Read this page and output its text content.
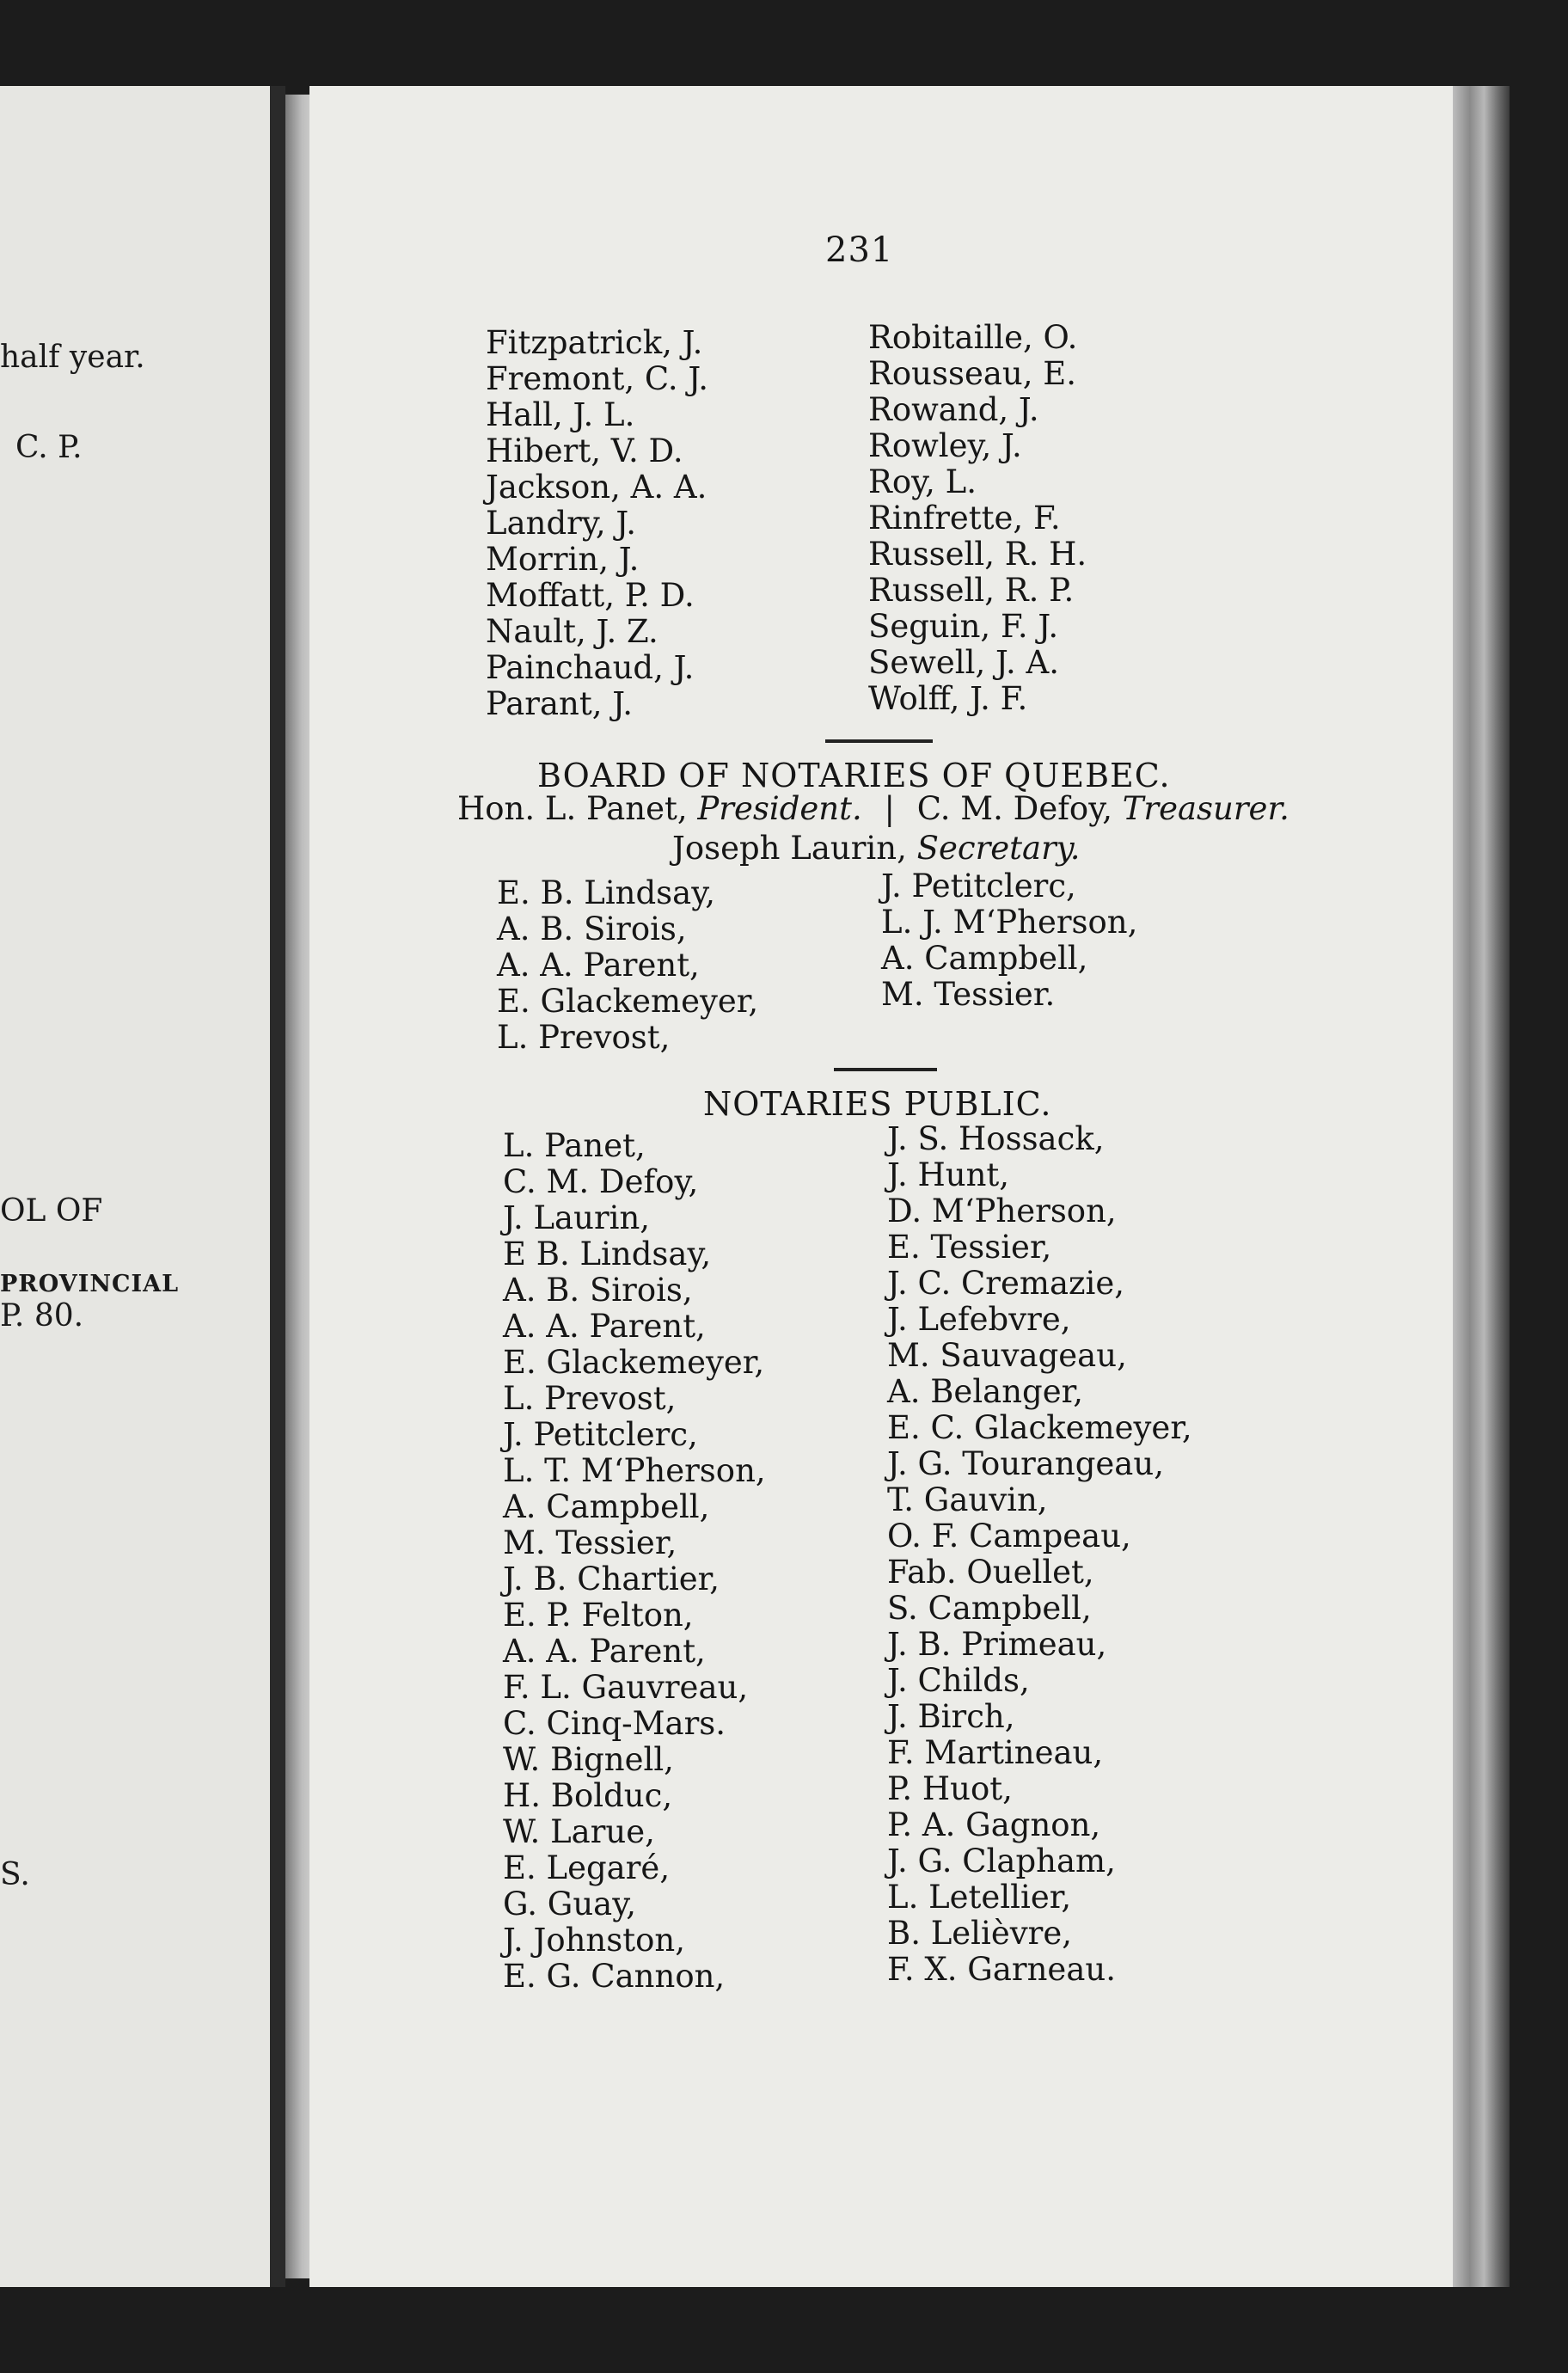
half year.
C. P.
OL OF
PROVINCIAL
P. 80.
S.
231
Fitzpatrick, J.
Fremont, C. J.
Hall, J. L.
Hibert, V. D.
Jackson, A. A.
Landry, J.
Morrin, J.
Moffatt, P. D.
Nault, J. Z.
Painchaud, J.
Parant, J.
Robitaille, O.
Rousseau, E.
Rowand, J.
Rowley, J.
Roy, L.
Rinfrette, F.
Russell, R. H.
Russell, R. P.
Seguin, F. J.
Sewell, J. A.
Wolff, J. F.
BOARD OF NOTARIES OF QUEBEC.
Hon. L. Panet, President. | C. M. Defoy, Treasurer.
Joseph Laurin, Secretary.
E. B. Lindsay,
A. B. Sirois,
A. A. Parent,
E. Glackemeyer,
L. Prevost,
J. Petitclerc,
L. J. M‘Pherson,
A. Campbell,
M. Tessier.
NOTARIES PUBLIC.
L. Panet,
C. M. Defoy,
J. Laurin,
E B. Lindsay,
A. B. Sirois,
A. A. Parent,
E. Glackemeyer,
L. Prevost,
J. Petitclerc,
L. T. M‘Pherson,
A. Campbell,
M. Tessier,
J. B. Chartier,
E. P. Felton,
A. A. Parent,
F. L. Gauvreau,
C. Cinq-Mars.
W. Bignell,
H. Bolduc,
W. Larue,
E. Legaré,
G. Guay,
J. Johnston,
E. G. Cannon,
J. S. Hossack,
J. Hunt,
D. M‘Pherson,
E. Tessier,
J. C. Cremazie,
J. Lefebvre,
M. Sauvageau,
A. Belanger,
E. C. Glackemeyer,
J. G. Tourangeau,
T. Gauvin,
O. F. Campeau,
Fab. Ouellet,
S. Campbell,
J. B. Primeau,
J. Childs,
J. Birch,
F. Martineau,
P. Huot,
P. A. Gagnon,
J. G. Clapham,
L. Letellier,
B. Lelièvre,
F. X. Garneau.
